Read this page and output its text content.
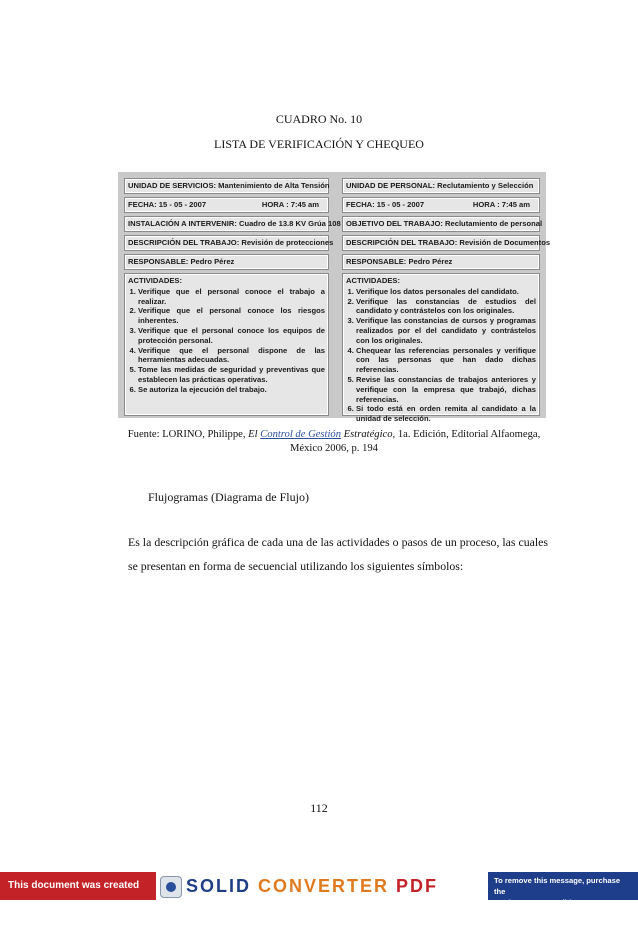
CUADRO No. 10
LISTA DE VERIFICACIÓN Y CHEQUEO
UNIDAD DE SERVICIOS: Mantenimiento de Alta Tensión
FECHA: 15 - 05 - 2007	HORA : 7:45 am
INSTALACIÓN A INTERVENIR: Cuadro de 13.8 KV Grúa 108
DESCRIPCIÓN DEL TRABAJO: Revisión de protecciones
RESPONSABLE: Pedro Pérez
ACTIVIDADES:
1. Verifique que el personal conoce el trabajo a realizar.
2. Verifique que el personal conoce los riesgos inherentes.
3. Verifique que el personal conoce los equipos de protección personal.
4. Verifique que el personal dispone de las herramientas adecuadas.
5. Tome las medidas de seguridad y preventivas que establecen las prácticas operativas.
6. Se autoriza la ejecución del trabajo.
UNIDAD DE PERSONAL: Reclutamiento y Selección
FECHA: 15 - 05 - 2007	HORA : 7:45 am
OBJETIVO DEL TRABAJO: Reclutamiento de personal
DESCRIPCIÓN DEL TRABAJO: Revisión de Documentos
RESPONSABLE: Pedro Pérez
ACTIVIDADES:
1. Verifique los datos personales del candidato.
2. Verifique las constancias de estudios del candidato y contrástelos con los originales.
3. Verifique las constancias de cursos y programas realizados por el del candidato y contrástelos con los originales.
4. Chequear las referencias personales y verifique con las personas que han dado dichas referencias.
5. Revise las constancias de trabajos anteriores y verifique con la empresa que trabajó, dichas referencias.
6. Si todo está en orden remita al candidato a la unidad de selección.
Fuente: LORINO, Philippe, El Control de Gestión Estratégico, 1a. Edición, Editorial Alfaomega,
México 2006, p. 194
Flujogramas (Diagrama de Flujo)
Es la descripción gráfica de cada una de las actividades o pasos de un proceso, las cuales se presentan en forma de secuencial utilizando los siguientes símbolos:
112
This document was created using
SOLID CONVERTER PDF	To remove this message, purchase the
product at www.SolidDocuments.com
